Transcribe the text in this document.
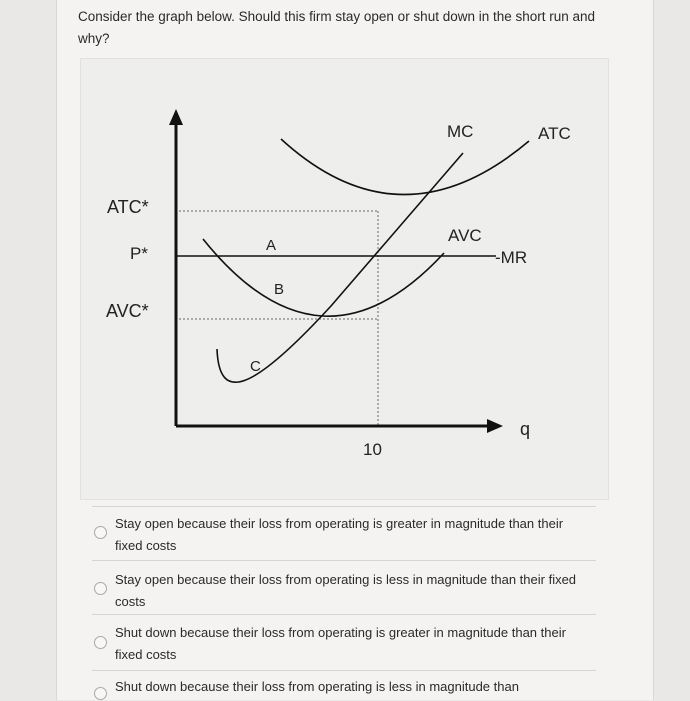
Consider the graph below. Should this firm stay open or shut down in the short run and why?
MC	ATC
AVC
-MR
ATC*
P*
AVC*
A
B
C
q
10
Stay open because their loss from operating is greater in magnitude than their fixed costs
Stay open because their loss from operating is less in magnitude than their fixed costs
Shut down because their loss from operating is greater in magnitude than their fixed costs
Shut down because their loss from operating is less in magnitude than
